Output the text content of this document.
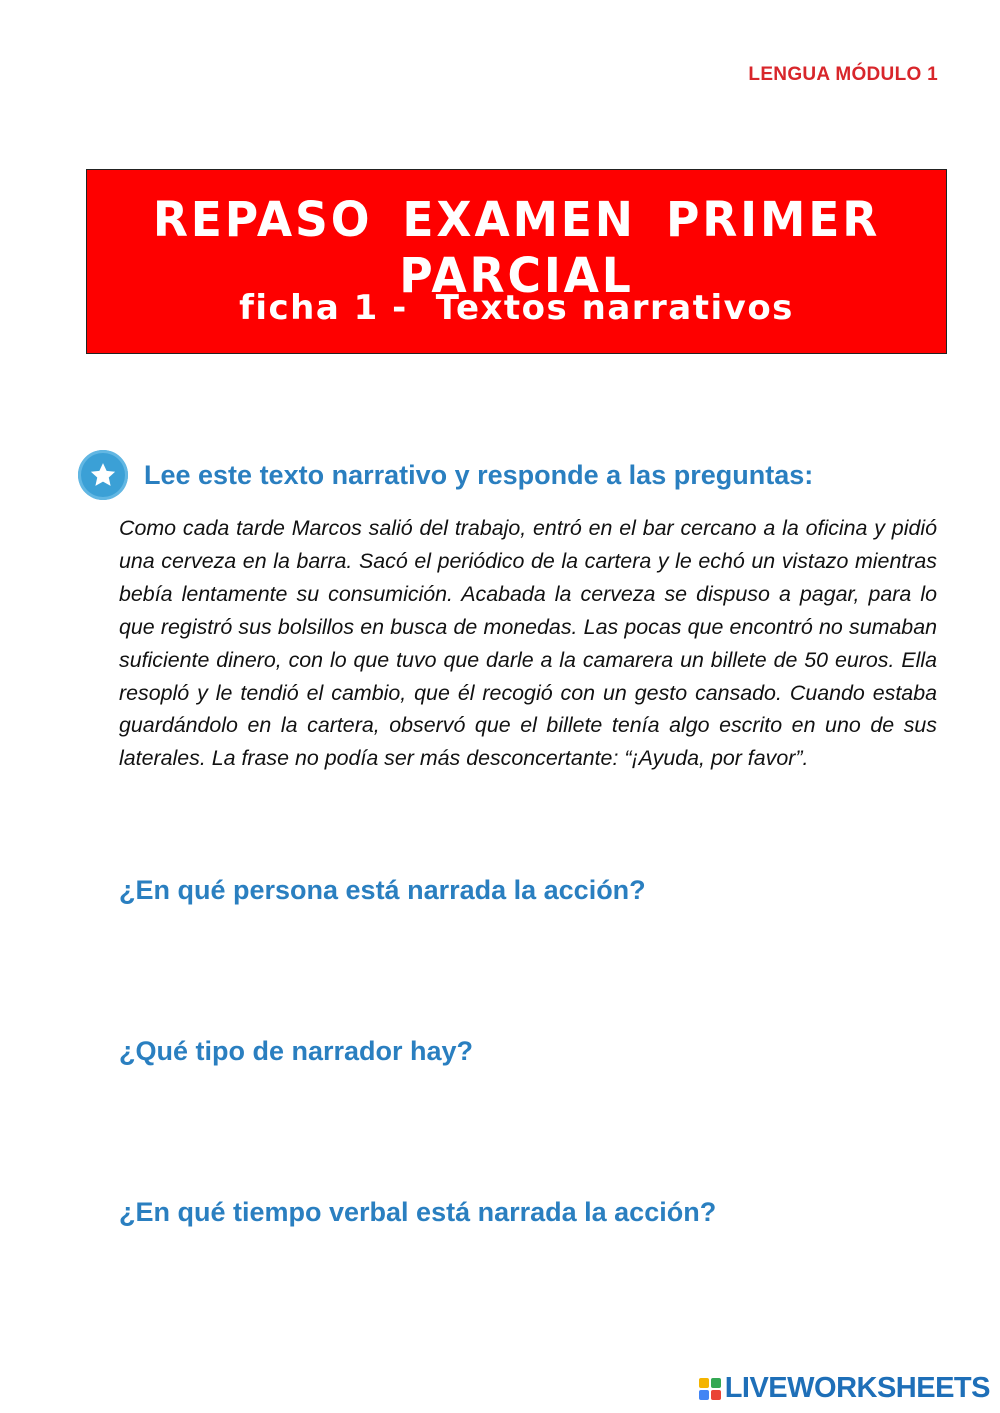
LENGUA MÓDULO 1
REPASO EXAMEN PRIMER PARCIAL
ficha 1 - Textos narrativos
Lee este texto narrativo y responde a las preguntas:
Como cada tarde Marcos salió del trabajo, entró en el bar cercano a la oficina y pidió una cerveza en la barra. Sacó el periódico de la cartera y le echó un vistazo mientras bebía lentamente su consumición. Acabada la cerveza se dispuso a pagar, para lo que registró sus bolsillos en busca de monedas. Las pocas que encontró no sumaban suficiente dinero, con lo que tuvo que darle a la camarera un billete de 50 euros. Ella resopló y le tendió el cambio, que él recogió con un gesto cansado. Cuando estaba guardándolo en la cartera, observó que el billete tenía algo escrito en uno de sus laterales. La frase no podía ser más desconcertante: “¡Ayuda, por favor”.
¿En qué persona está narrada la acción?
¿Qué tipo de narrador hay?
¿En qué tiempo verbal está narrada la acción?
LIVEWORKSHEETS
